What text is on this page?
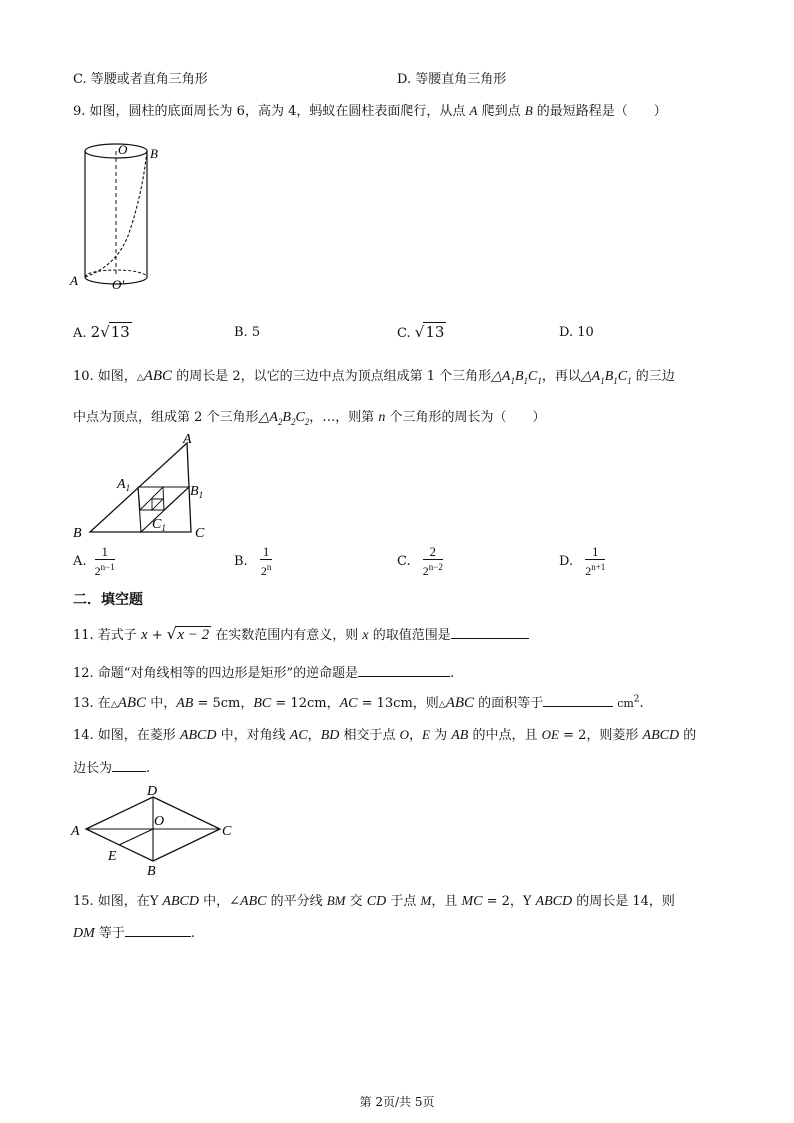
C. 等腰或者直角三角形	D. 等腰直角三角形
9. 如图，圆柱的底面周长为 6，高为 4，蚂蚁在圆柱表面爬行，从点 A 爬到点 B 的最短路程是（　　）
O B
A	O'
A. 2√13	B. 5	C. √13	D. 10
10. 如图，△ABC 的周长是 2，以它的三边中点为顶点组成第 1 个三角形$\triangle A_1B_1C_1$，再以$\triangle A_1B_1C_1$ 的三边
中点为顶点，组成第 2 个三角形$\triangle A_2B_2C_2$，…，则第 n 个三角形的周长为（　　）
A
B	C
$A_1$	$B_1$
$C_1$
A. $\frac{1}{2^{n-1}}$	B. $\frac{1}{2^n}$	C. $\frac{2}{2^{n-2}}$	D. $\frac{1}{2^{n+1}}$
二．填空题
11. 若式子 x + √x − 2 在实数范围内有意义，则 x 的取值范围是
12. 命题“对角线相等的四边形是矩形”的逆命题是	.
13. 在△ABC 中，AB = 5cm，BC = 12cm，AC = 13cm，则△ABC 的面积等于	$cm^2$.
14. 如图，在菱形 ABCD 中，对角线 AC，BD 相交于点 O，E 为 AB 的中点，且 OE = 2，则菱形 ABCD 的
边长为	.
D
A	C
B
O
E
15. 如图，在Y ABCD 中，∠ABC 的平分线 BM 交 CD 于点 M，且 MC = 2，Y ABCD 的周长是 14，则
DM 等于	.
第 2页/共 5页
